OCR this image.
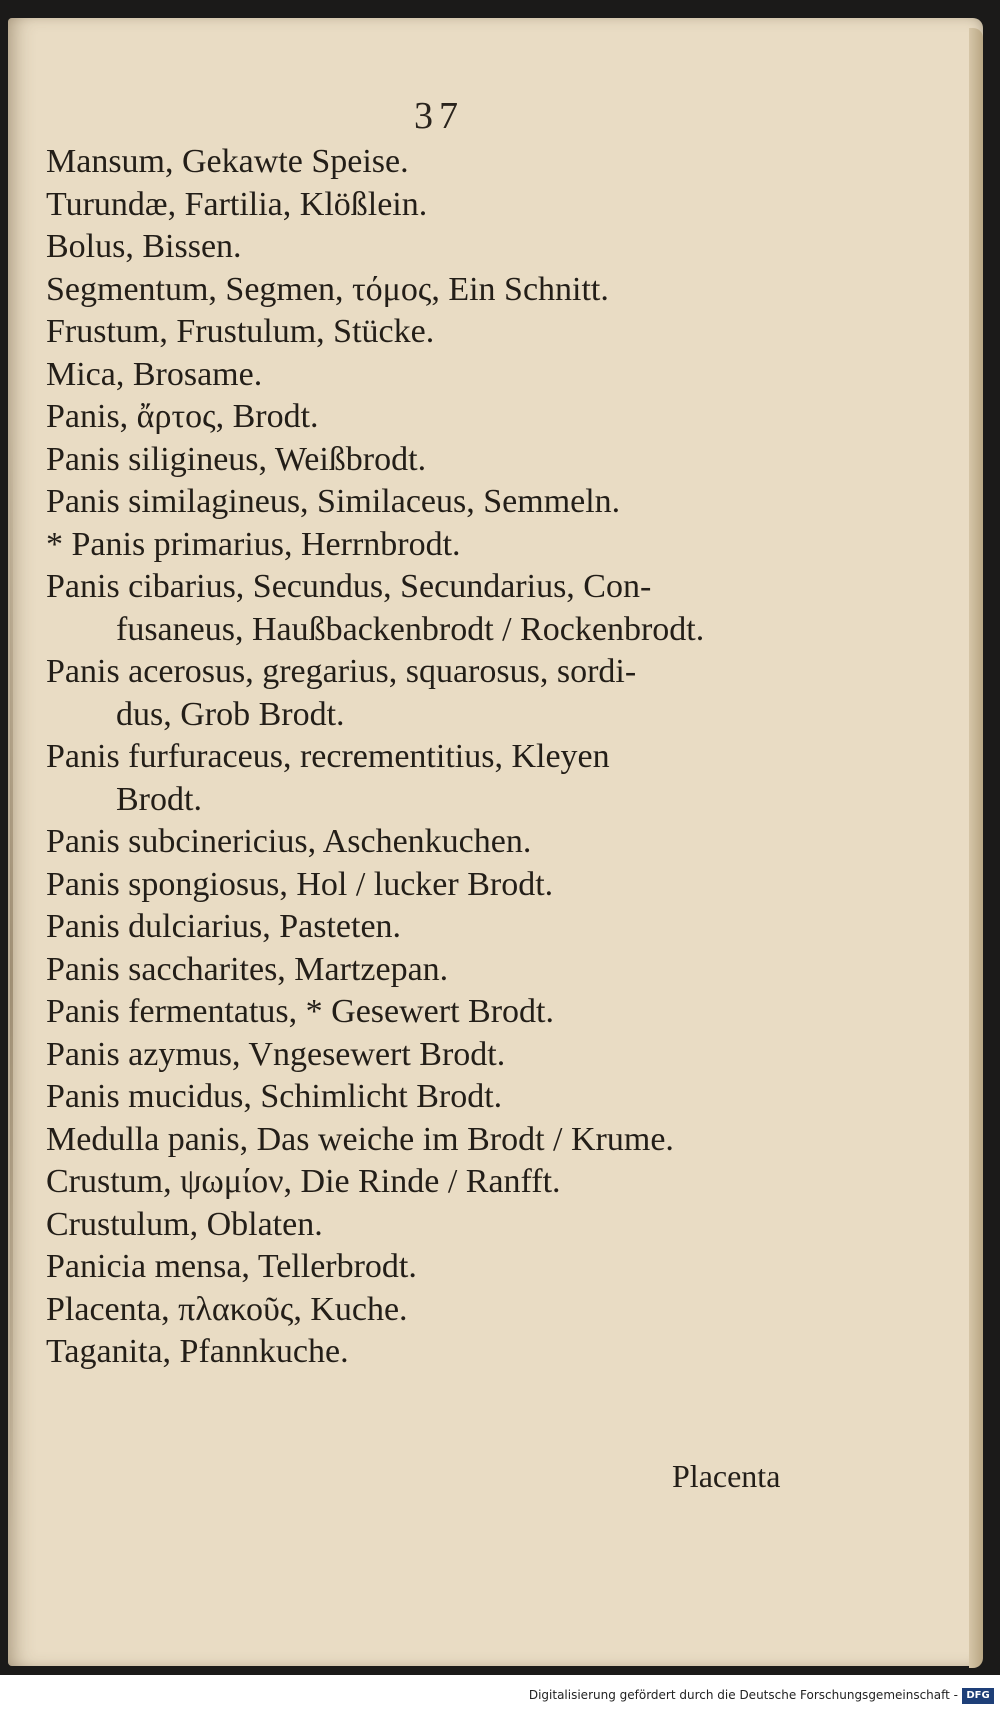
37

Mansum, Gekawte Speise.
Turundæ, Fartilia, Klößlein.
Bolus, Bissen.
Segmentum, Segmen, τόμος, Ein Schnitt.
Frustum, Frustulum, Stücke.
Mica, Brosame.
Panis, ἄρτος, Brodt.
Panis siligineus, Weißbrodt.
Panis similagineus, Similaceus, Semmeln.
* Panis primarius, Herrnbrodt.
Panis cibarius, Secundus, Secundarius, Con-
fusaneus, Haußbackenbrodt / Rockenbrodt.
Panis acerosus, gregarius, squarosus, sordi-
dus, Grob Brodt.
Panis furfuraceus, recrementitius, Kleyen
Brodt.
Panis subcinericius, Aschenkuchen.
Panis spongiosus, Hol / lucker Brodt.
Panis dulciarius, Pasteten.
Panis saccharites, Martzepan.
Panis fermentatus, * Gesewert Brodt.
Panis azymus, Vngesewert Brodt.
Panis mucidus, Schimlicht Brodt.
Medulla panis, Das weiche im Brodt / Krume.
Crustum, ψωμίον, Die Rinde / Ranfft.
Crustulum, Oblaten.
Panicia mensa, Tellerbrodt.
Placenta, πλακοῦς, Kuche.
Taganita, Pfannkuche.

Placenta

Digitalisierung gefördert durch die Deutsche Forschungsgemeinschaft - DFG
